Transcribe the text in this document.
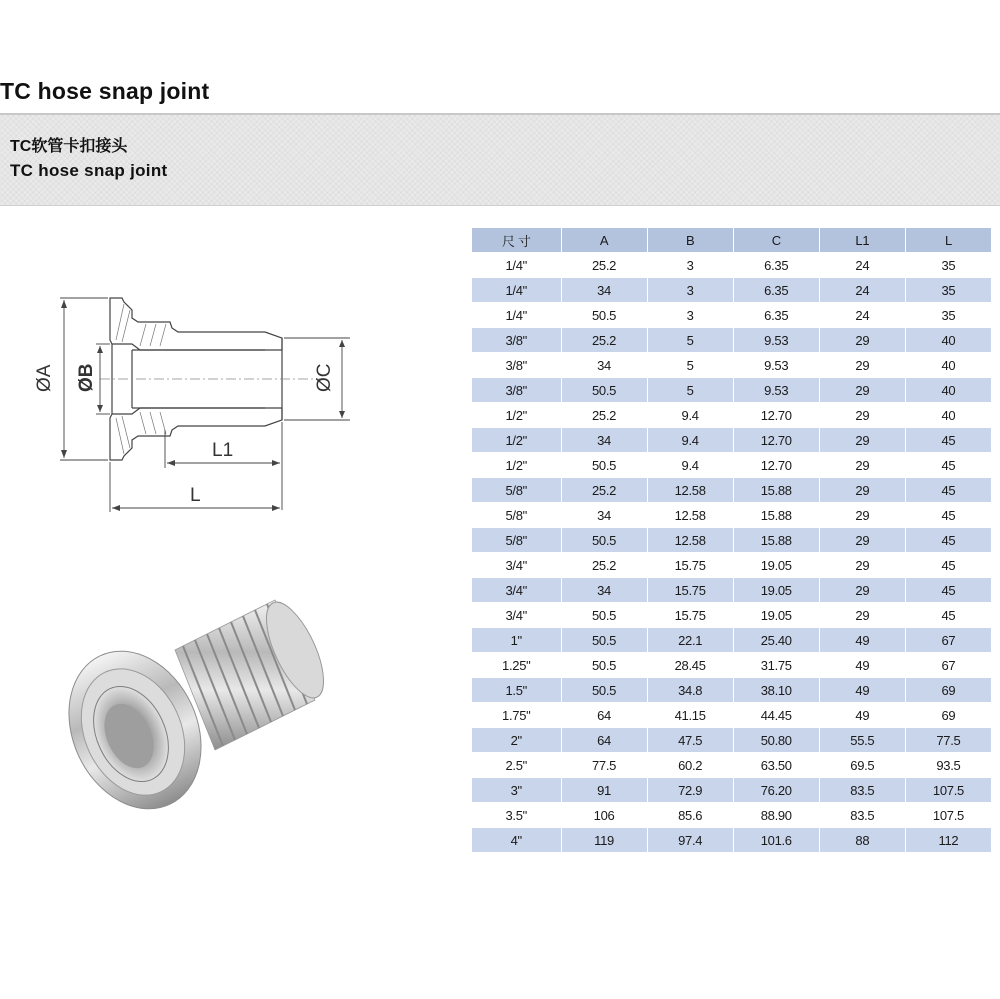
TC hose snap joint
TC软管卡扣接头
TC hose snap joint
ØA ØB	ØC
L1
L
valve
尺 寸	A	B	C	L1	L
1/4"	25.2	3	6.35	24	35
1/4"	34	3	6.35	24	35
1/4"	50.5	3	6.35	24	35
3/8"	25.2	5	9.53	29	40
3/8"	34	5	9.53	29	40
3/8"	50.5	5	9.53	29	40
1/2"	25.2	9.4	12.70	29	40
1/2"	34	9.4	12.70	29	45
1/2"	50.5	9.4	12.70	29	45
5/8"	25.2	12.58	15.88	29	45
5/8"	34	12.58	15.88	29	45
5/8"	50.5	12.58	15.88	29	45
3/4"	25.2	15.75	19.05	29	45
3/4"	34	15.75	19.05	29	45
3/4"	50.5	15.75	19.05	29	45
1"	50.5	22.1	25.40	49	67
1.25"	50.5	28.45	31.75	49	67
1.5"	50.5	34.8	38.10	49	69
1.75"	64	41.15	44.45	49	69
2"	64	47.5	50.80	55.5	77.5
2.5"	77.5	60.2	63.50	69.5	93.5
3"	91	72.9	76.20	83.5	107.5
3.5"	106	85.6	88.90	83.5	107.5
4"	119	97.4	101.6	88	112
